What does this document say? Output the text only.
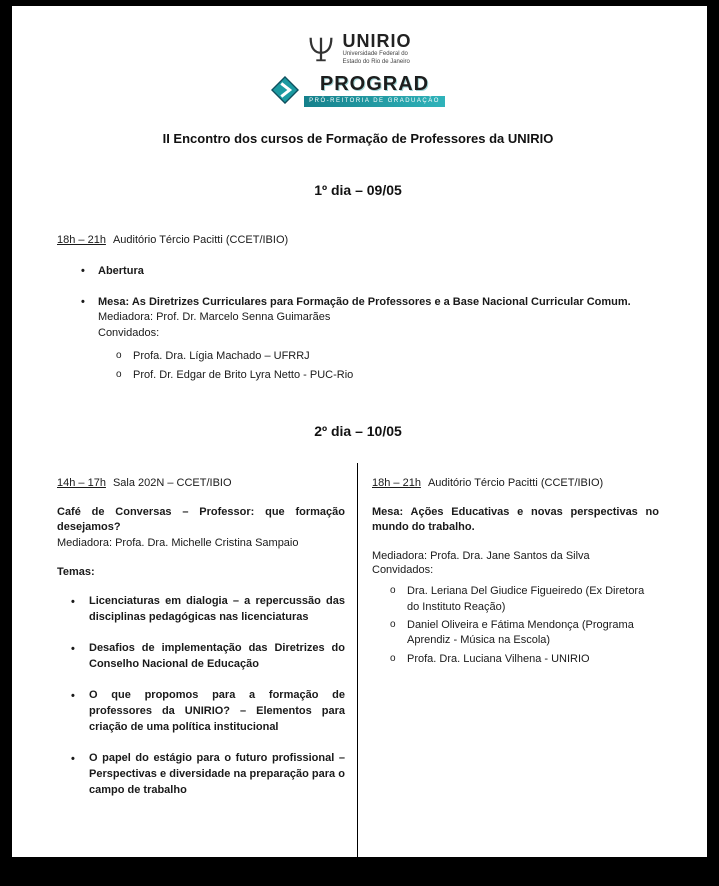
UNIRIO
Universidade Federal do
Estado do Rio de Janeiro
PROGRAD
PRÓ-REITORIA DE GRADUAÇÃO
II Encontro dos cursos de Formação de Professores da UNIRIO
1º dia – 09/05

18h – 21h Auditório Tércio Pacitti (CCET/IBIO)

• Abertura

• Mesa: As Diretrizes Curriculares para Formação de Professores e a Base Nacional Curricular Comum.

Mediadora: Prof. Dr. Marcelo Senna Guimarães

Convidados:

o Profa. Dra. Lígia Machado – UFRRJ
o Prof. Dr. Edgar de Brito Lyra Netto - PUC-Rio
2º dia – 10/05

14h – 17h Sala 202N – CCET/IBIO

Café de Conversas – Professor: que formação desejamos?

Mediadora: Profa. Dra. Michelle Cristina Sampaio

Temas:

• Licenciaturas em dialogia – a repercussão das disciplinas pedagógicas nas licenciaturas
• Desafios de implementação das Diretrizes do Conselho Nacional de Educação
• O que propomos para a formação de professores da UNIRIO? – Elementos para criação de uma política institucional
• O papel do estágio para o futuro profissional – Perspectivas e diversidade na preparação para o campo de trabalho

18h – 21h Auditório Tércio Pacitti (CCET/IBIO)

Mesa: Ações Educativas e novas perspectivas no mundo do trabalho.

Mediadora: Profa. Dra. Jane Santos da Silva

Convidados:

o Dra. Leriana Del Giudice Figueiredo (Ex Diretora do Instituto Reação)
o Daniel Oliveira e Fátima Mendonça (Programa Aprendiz - Música na Escola)
o Profa. Dra. Luciana Vilhena - UNIRIO
